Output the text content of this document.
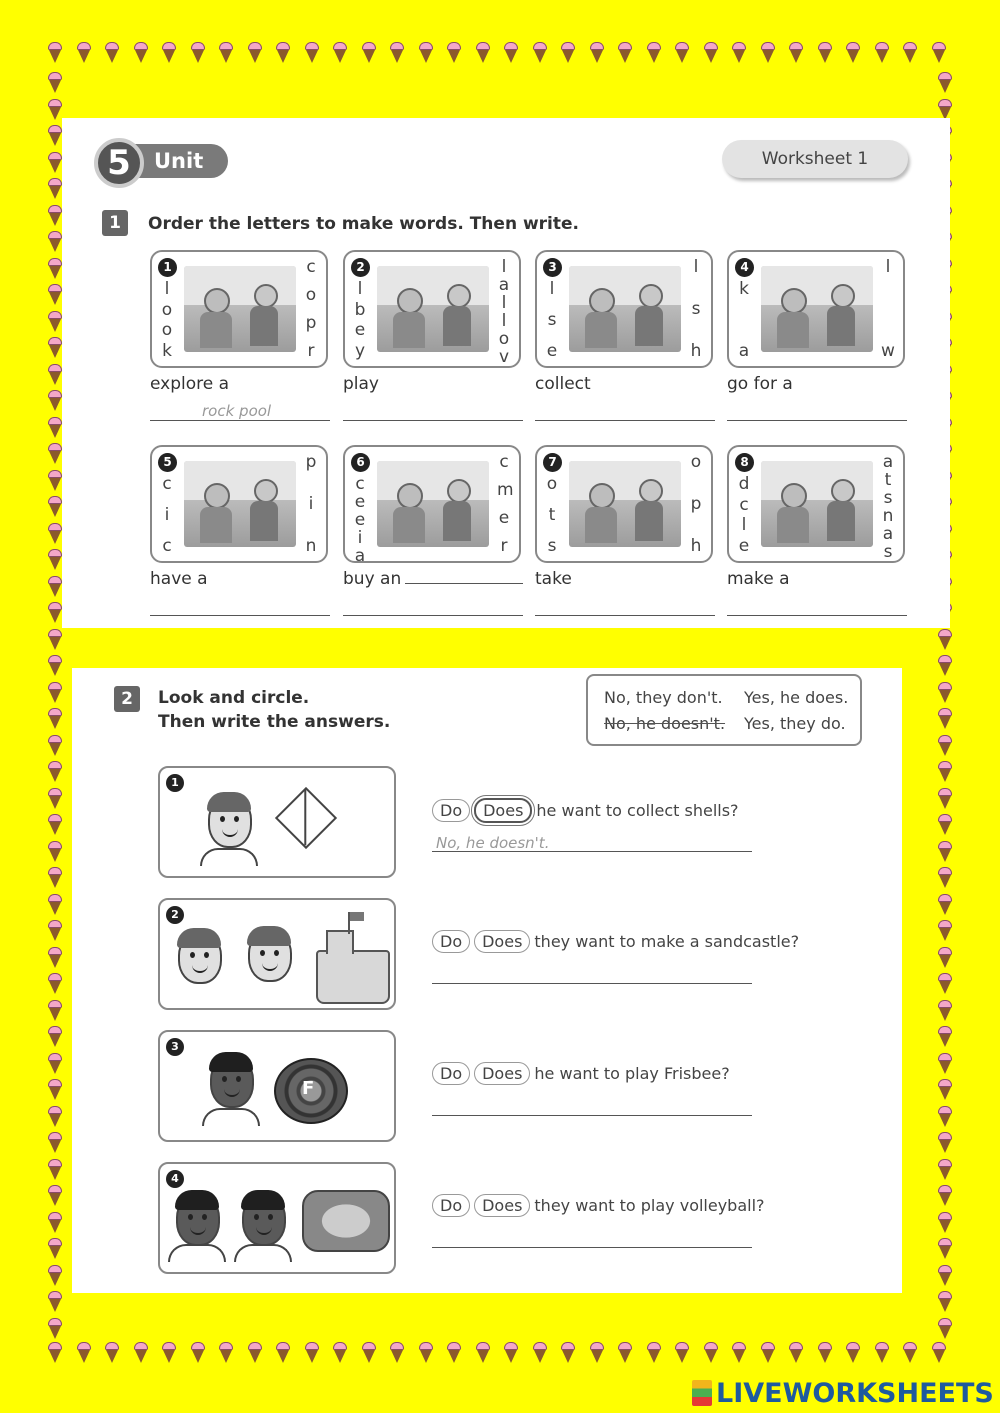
5	Unit	Worksheet 1
1	Order the letters to make words. Then write.
1
l
o
o
k
c
o
p
r
explore a
rock pool
2
l
b
e
y
l
a
l
l
o
v
play
3
l
s
e
l
s
h
collect
4
k
a
l
w
go for a
5
c
i
c
p
i
n
have a
6
c
e
e
i
a
c
m
e
r
buy an
7
o
t
s
o
p
h
take
8
d
c
l
e
a
t
s
n
a
s
make a
2	Look and circle.
Then write the answers.
No, they don't. Yes, he does.
No, he doesn't. Yes, they do.
1
2
3
F
4
Do Does he want to collect shells?
No, he doesn't.
Do Does they want to make a sandcastle?
Do Does he want to play Frisbee?
Do Does they want to play volleyball?
LIVEWORKSHEETS
